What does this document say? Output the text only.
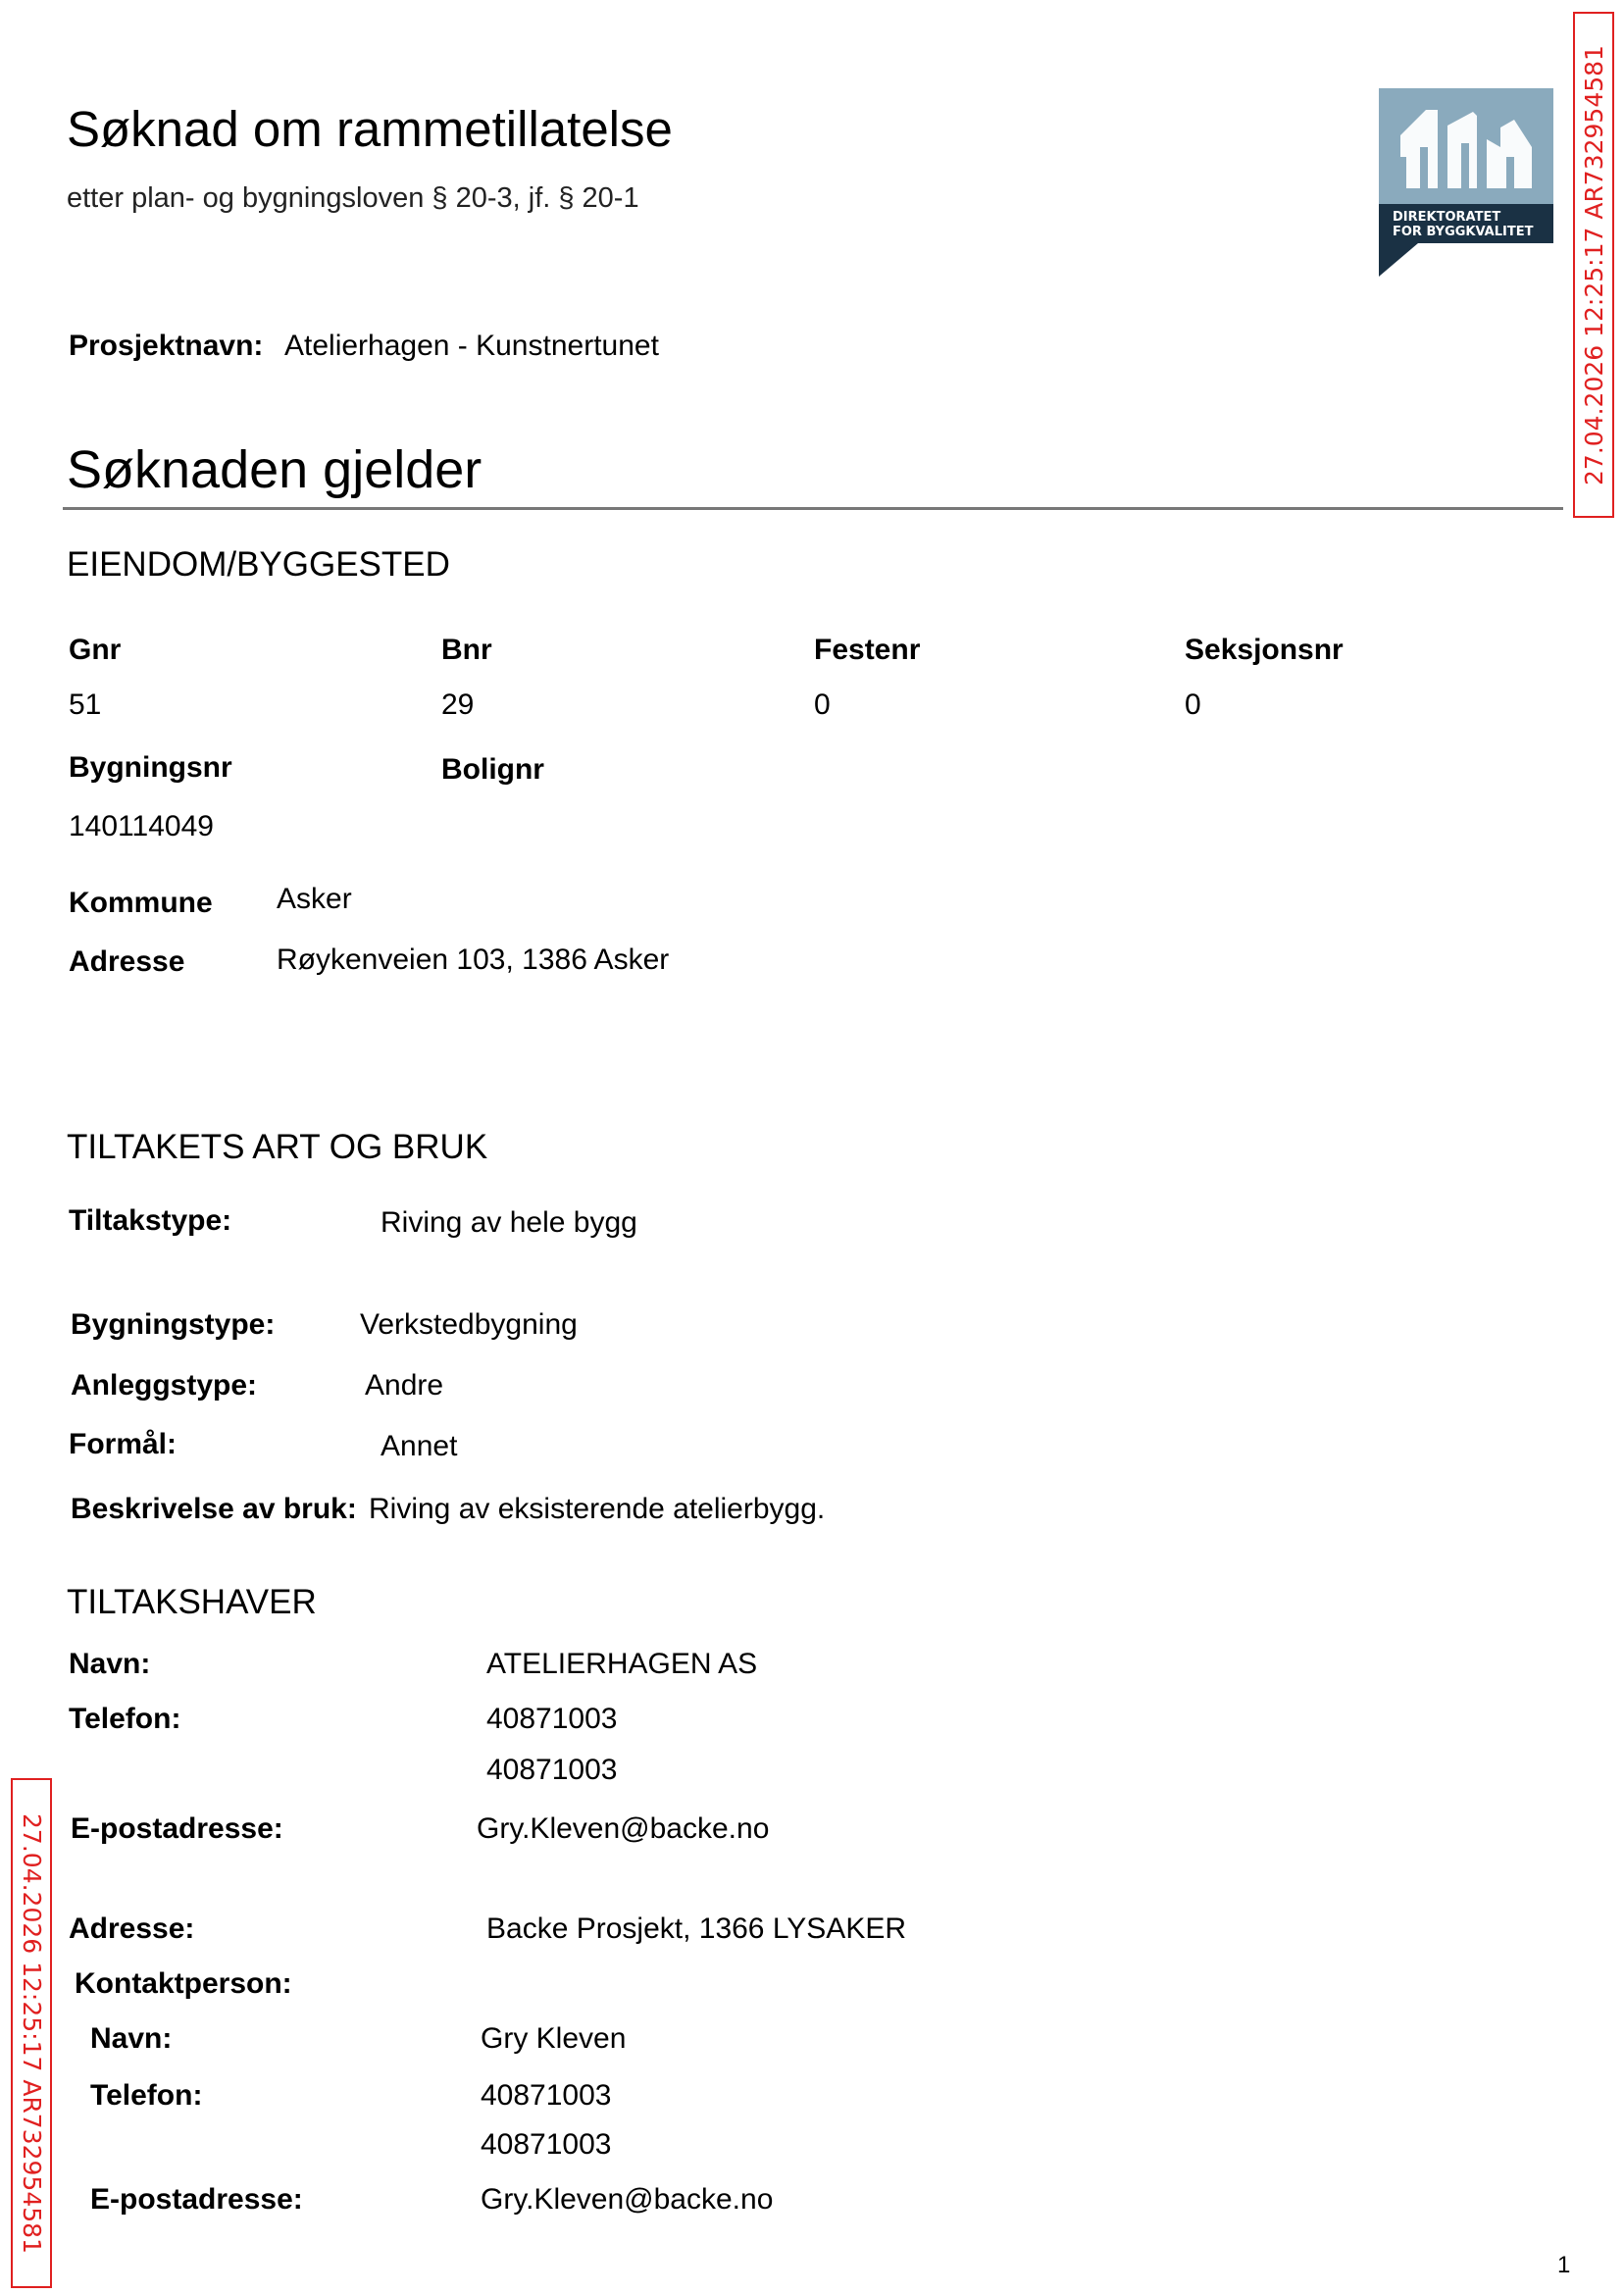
Søknad om rammetillatelse
etter plan- og bygningsloven § 20-3, jf. § 20-1
DIREKTORATET
FOR BYGGKVALITET	27.04.2026 12:25:17 AR732954581
27.04.2026 12:25:17 AR732954581
Prosjektnavn: Atelierhagen - Kunstnertunet
Søknaden gjelder
EIENDOM/BYGGESTED
Gnr	Bnr	Festenr	Seksjonsnr
51	29	0	0
Bygningsnr	Bolignr
140114049
Kommune Asker
Adresse	Røykenveien 103, 1386 Asker
TILTAKETS ART OG BRUK
Tiltakstype:	Riving av hele bygg
Bygningstype:	Verkstedbygning
Anleggstype:	Andre
Formål:	Annet
Beskrivelse av bruk: Riving av eksisterende atelierbygg.
TILTAKSHAVER
Navn:	ATELIERHAGEN AS
Telefon:	40871003
40871003
E-postadresse:	Gry.Kleven@backe.no
Adresse:	Backe Prosjekt, 1366 LYSAKER
Kontaktperson:
Navn:	Gry Kleven
Telefon:	40871003
40871003
E-postadresse:	Gry.Kleven@backe.no
1
